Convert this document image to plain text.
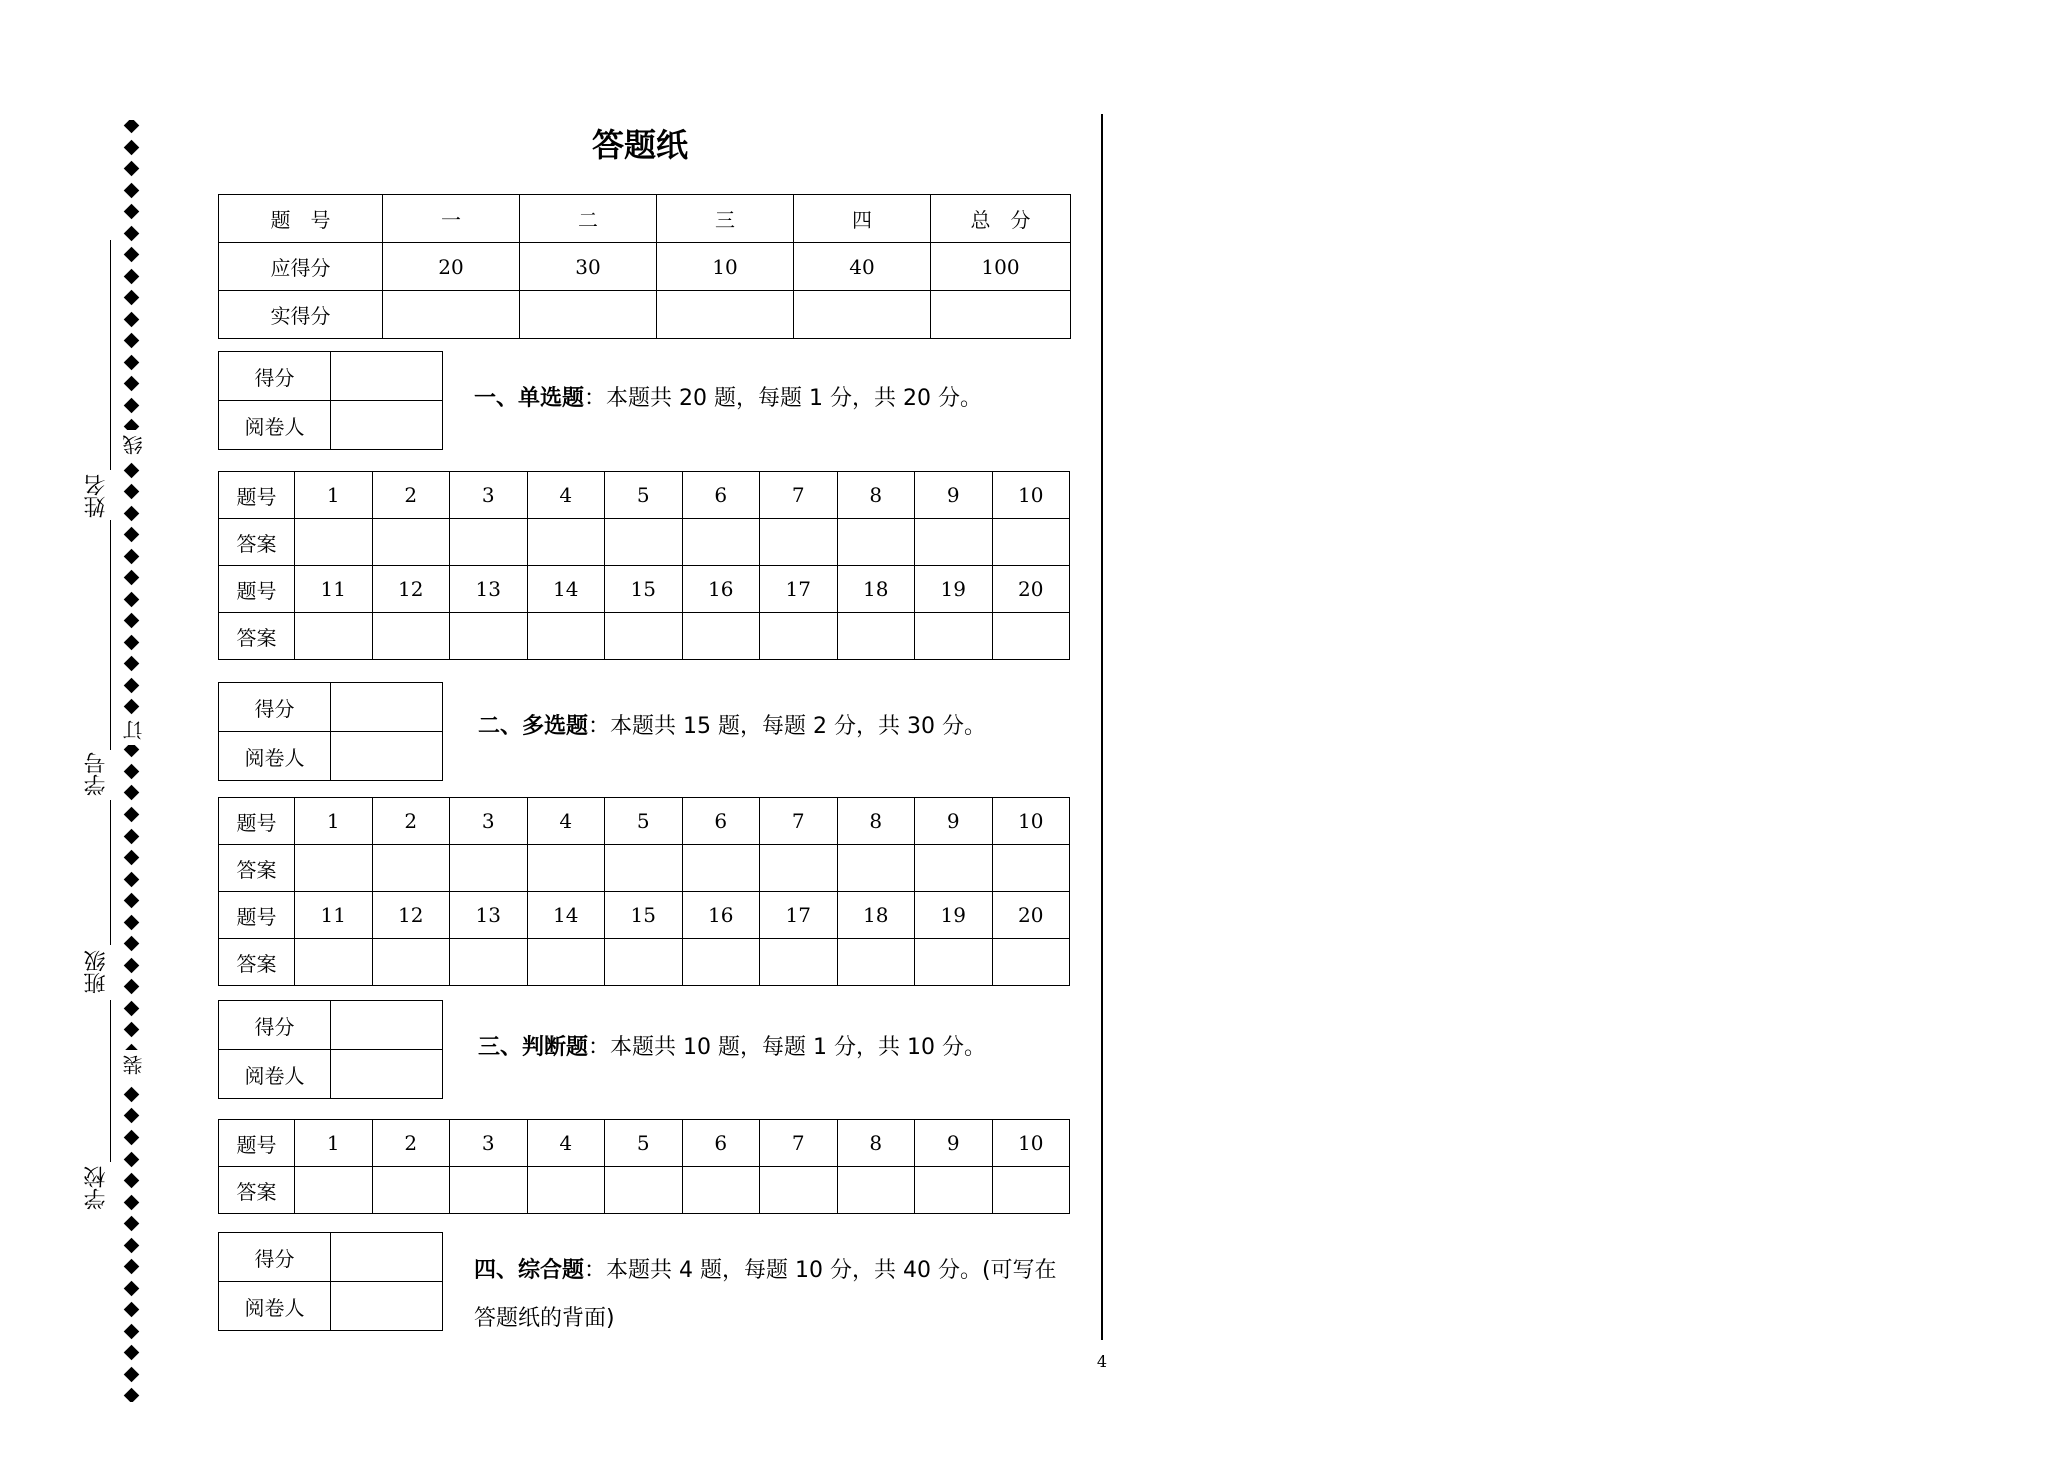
线
订
装
姓名
学号
班级
学校
答题纸
题　号	一	二	三	四	总　分
应得分	20	30	10	40	100
实得分					
得分	
阅卷人	
一、单选题：本题共 20 题，每题 1 分，共 20 分。
题号	1	2	3	4	5	6	7	8	9	10
答案										
题号	11	12	13	14	15	16	17	18	19	20
答案										
得分	
阅卷人	
二、多选题：本题共 15 题，每题 2 分，共 30 分。
题号	1	2	3	4	5	6	7	8	9	10
答案										
题号	11	12	13	14	15	16	17	18	19	20
答案										
得分	
阅卷人	
三、判断题：本题共 10 题，每题 1 分，共 10 分。
题号	1	2	3	4	5	6	7	8	9	10
答案										
得分	
阅卷人	
四、综合题：本题共 4 题，每题 10 分，共 40 分。(可写在答题纸的背面)
4
